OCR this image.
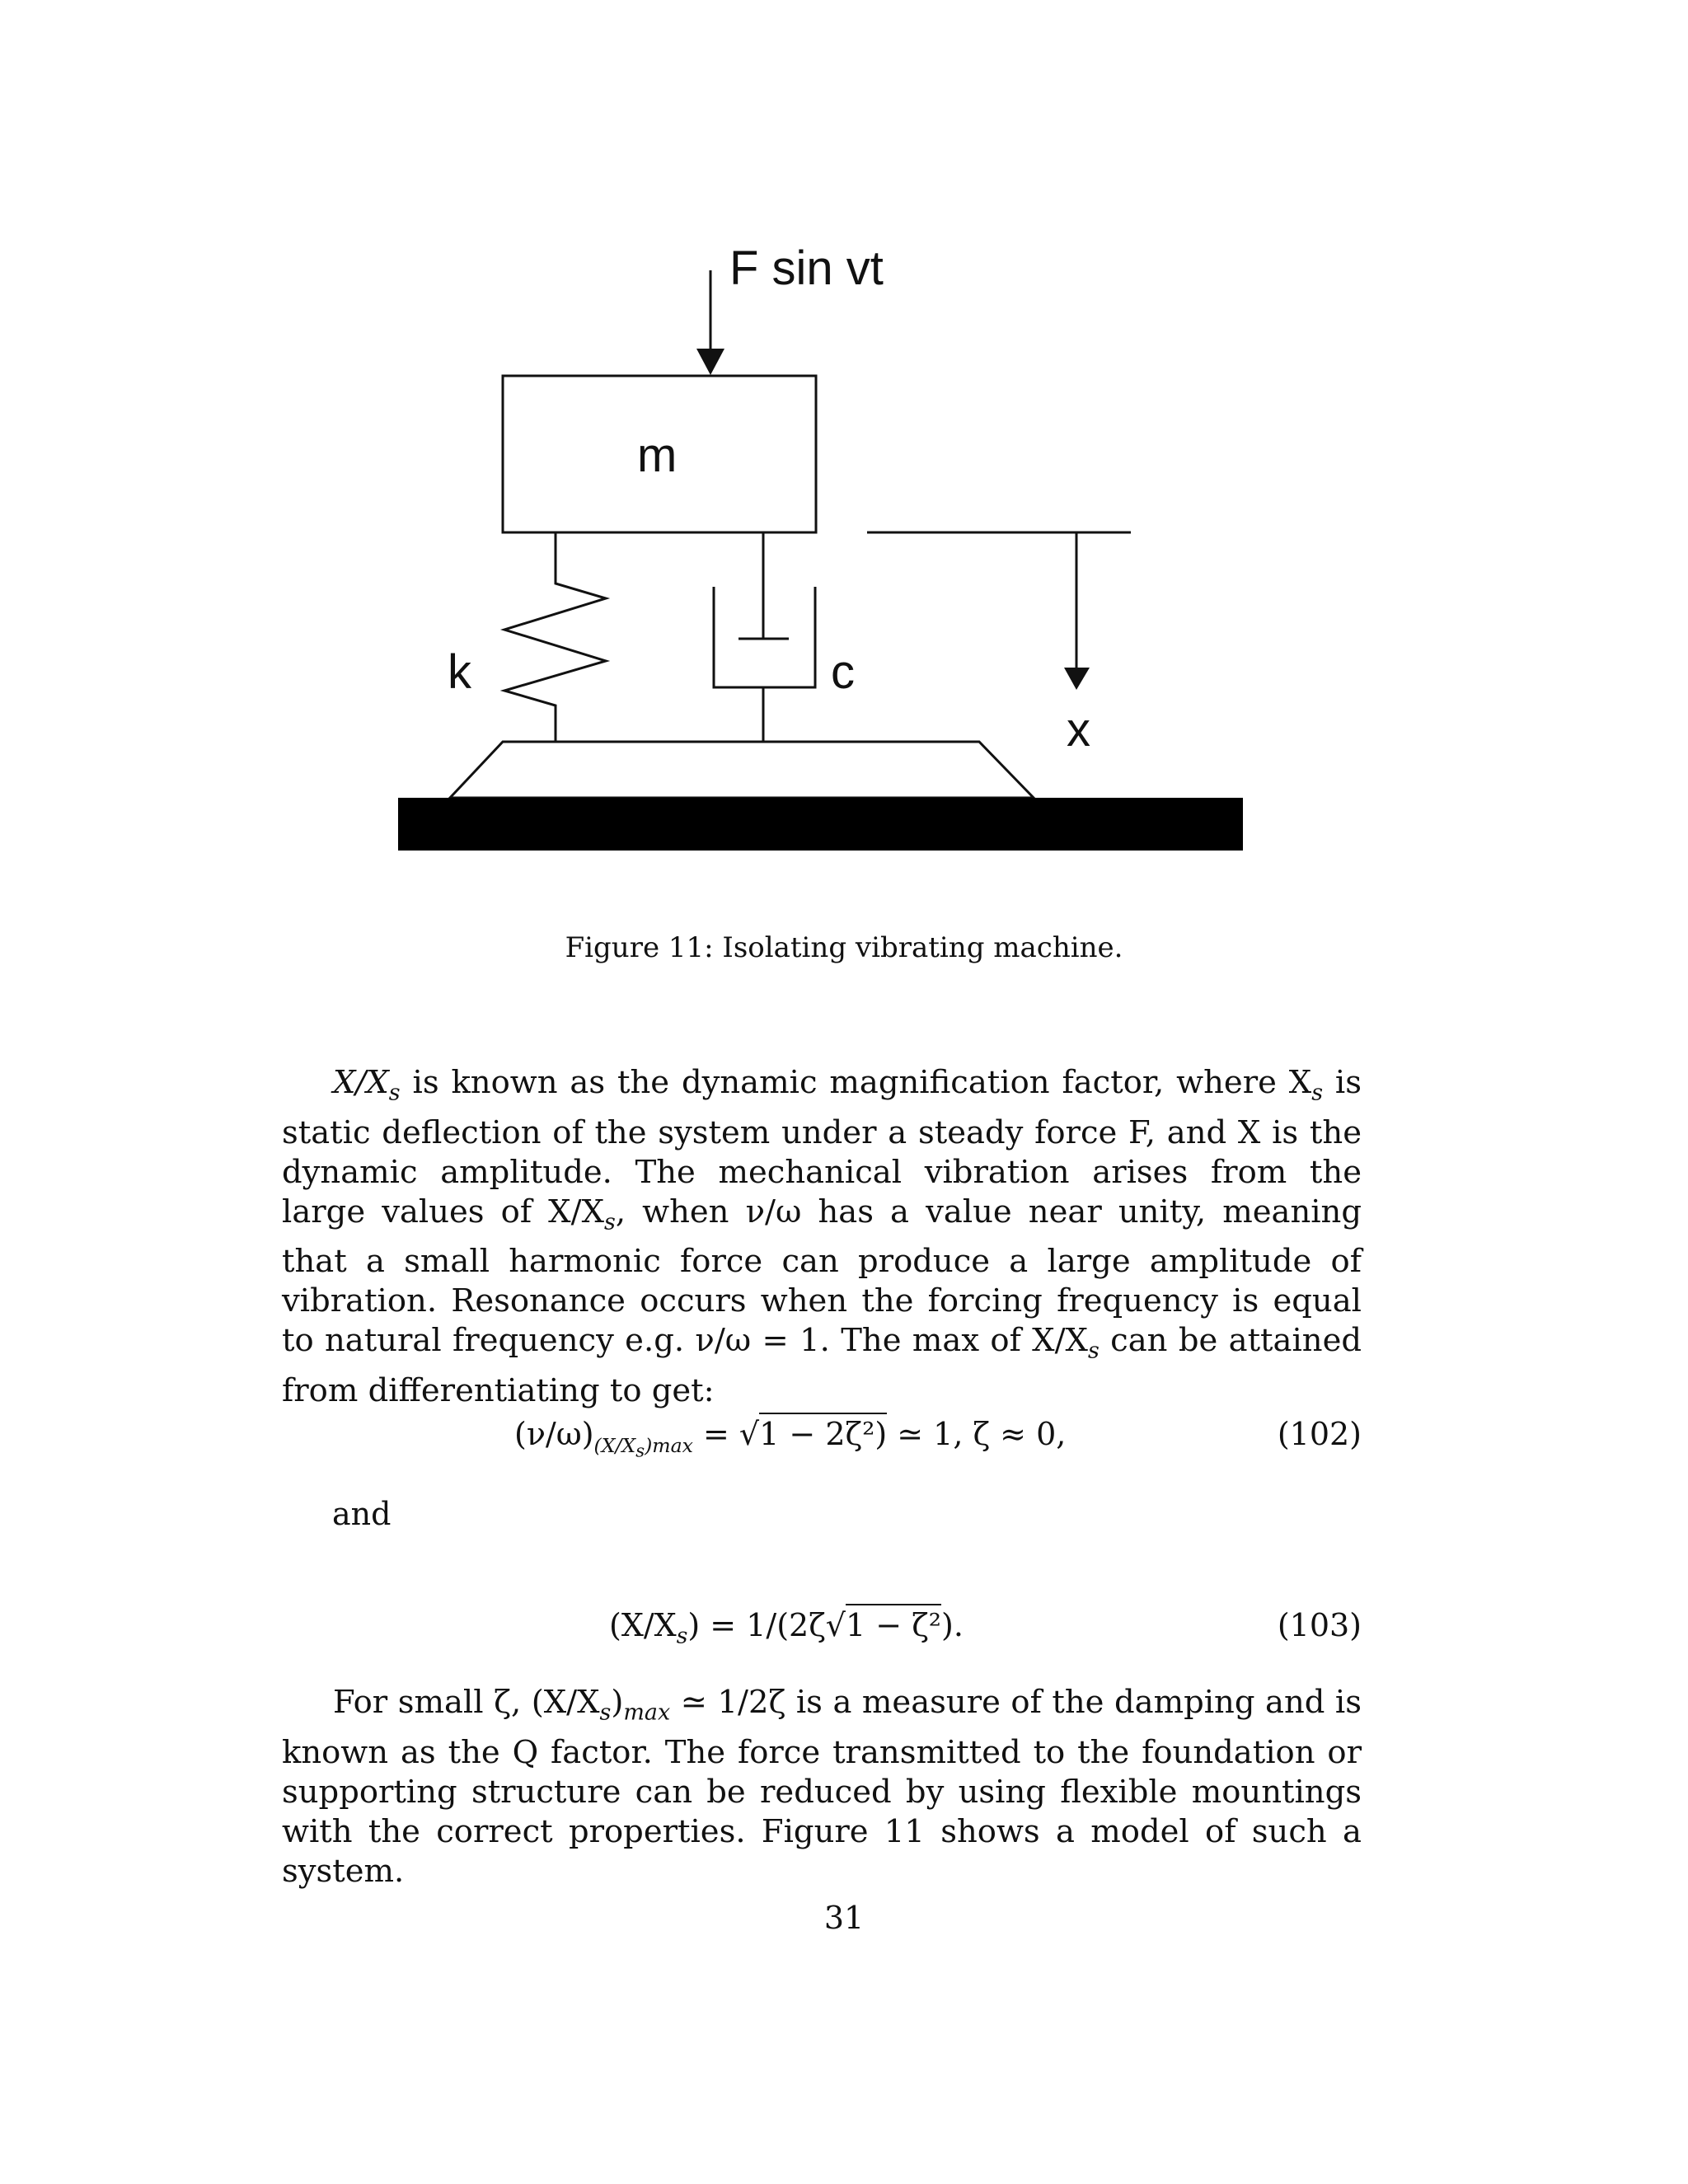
F sin vt
m
k	c
x
Figure 11: Isolating vibrating machine.

$X/X_s$ is known as the dynamic magnification factor, where $X_s$ is static deflection of the system under a steady force F, and X is the dynamic amplitude. The mechanical vibration arises from the large values of $X/X_s$, when ν/ω has a value near unity, meaning that a small harmonic force can produce a large amplitude of vibration. Resonance occurs when the forcing frequency is equal to natural frequency e.g. ν/ω = 1. The max of $X/X_s$ can be attained from differentiating to get:

$(\nu/\omega)_{(X/X_s)max} = √1 - 2\zeta^2$) ≃ 1, ζ ≈ 0,	(102)
and
$(X/X_s) = 1/(2\zeta√1 - \zeta^2)$.	(103)

For small ζ, $(X/X_s)_{max}$ ≃ 1/2ζ is a measure of the damping and is known as the Q factor. The force transmitted to the foundation or supporting structure can be reduced by using flexible mountings with the correct properties. Figure 11 shows a model of such a system.

31
